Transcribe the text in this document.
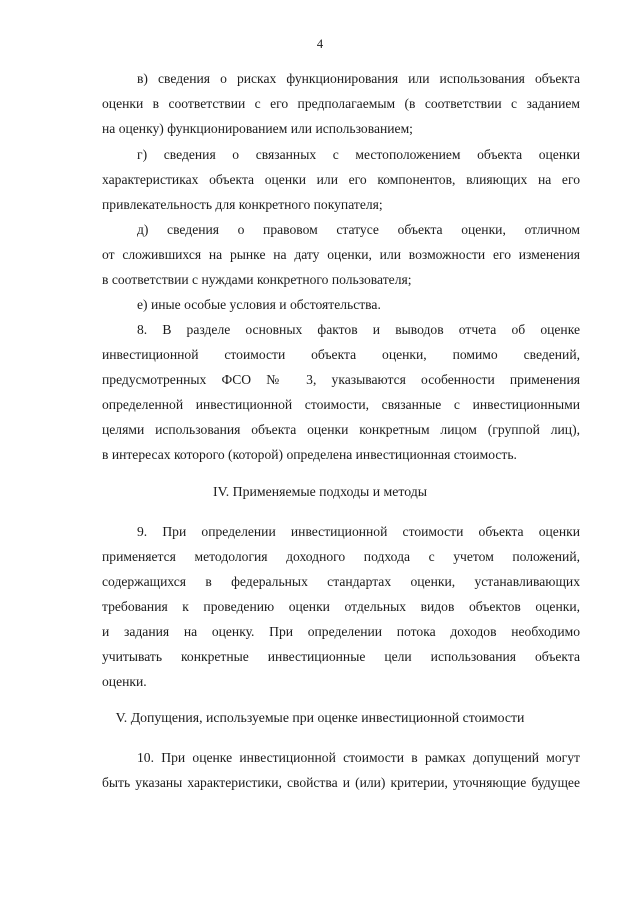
4
в) сведения о рисках функционирования или использования объекта
оценки в соответствии с его предполагаемым (в соответствии с заданием
на оценку) функционированием или использованием;
г) сведения о связанных с местоположением объекта оценки
характеристиках объекта оценки или его компонентов, влияющих на его
привлекательность для конкретного покупателя;
д) сведения о правовом статусе объекта оценки, отличном
от сложившихся на рынке на дату оценки, или возможности его изменения
в соответствии с нуждами конкретного пользователя;
е) иные особые условия и обстоятельства.
8. В разделе основных фактов и выводов отчета об оценке
инвестиционной стоимости объекта оценки, помимо сведений,
предусмотренных ФСО № 3, указываются особенности применения
определенной инвестиционной стоимости, связанные с инвестиционными
целями использования объекта оценки конкретным лицом (группой лиц),
в интересах которого (которой) определена инвестиционная стоимость.
IV. Применяемые подходы и методы
9. При определении инвестиционной стоимости объекта оценки
применяется методология доходного подхода с учетом положений,
содержащихся в федеральных стандартах оценки, устанавливающих
требования к проведению оценки отдельных видов объектов оценки,
и задания на оценку. При определении потока доходов необходимо
учитывать конкретные инвестиционные цели использования объекта
оценки.
V. Допущения, используемые при оценке инвестиционной стоимости
10. При оценке инвестиционной стоимости в рамках допущений могут
быть указаны характеристики, свойства и (или) критерии, уточняющие будущее
